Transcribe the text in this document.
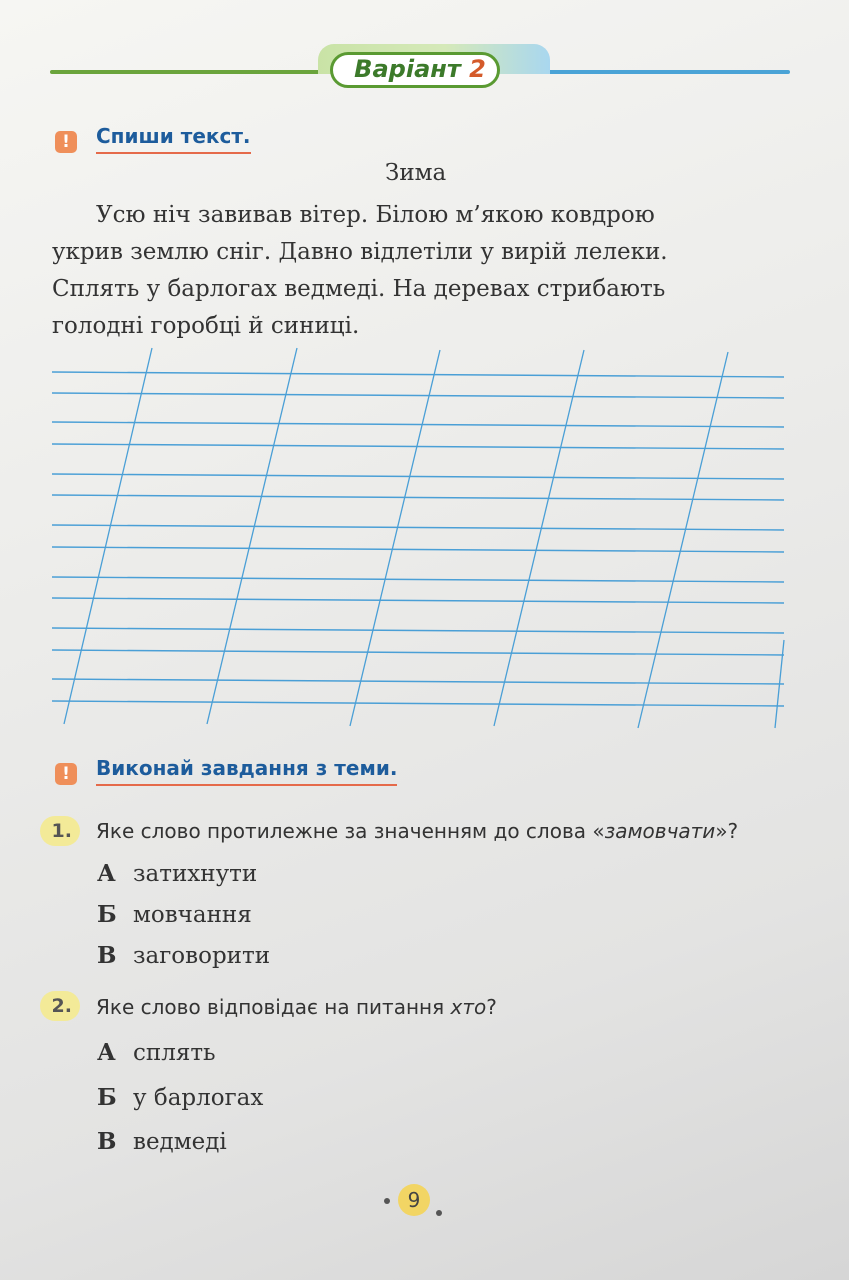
Варіант 2
!	Спиши текст.
Зима
Усю ніч завивав вітер. Білою м’якою ковдрою
укрив землю сніг. Давно відлетіли у вирій лелеки.
Сплять у барлогах ведмеді. На деревах стрибають
голодні горобці й синиці.
!	Виконай завдання з теми.
1.	Яке слово протилежне за значенням до слова «замовчати»?
А затихнути
Б мовчання
В заговорити
2.	Яке слово відповідає на питання хто?
А сплять
Б у барлогах
В ведмеді
9
